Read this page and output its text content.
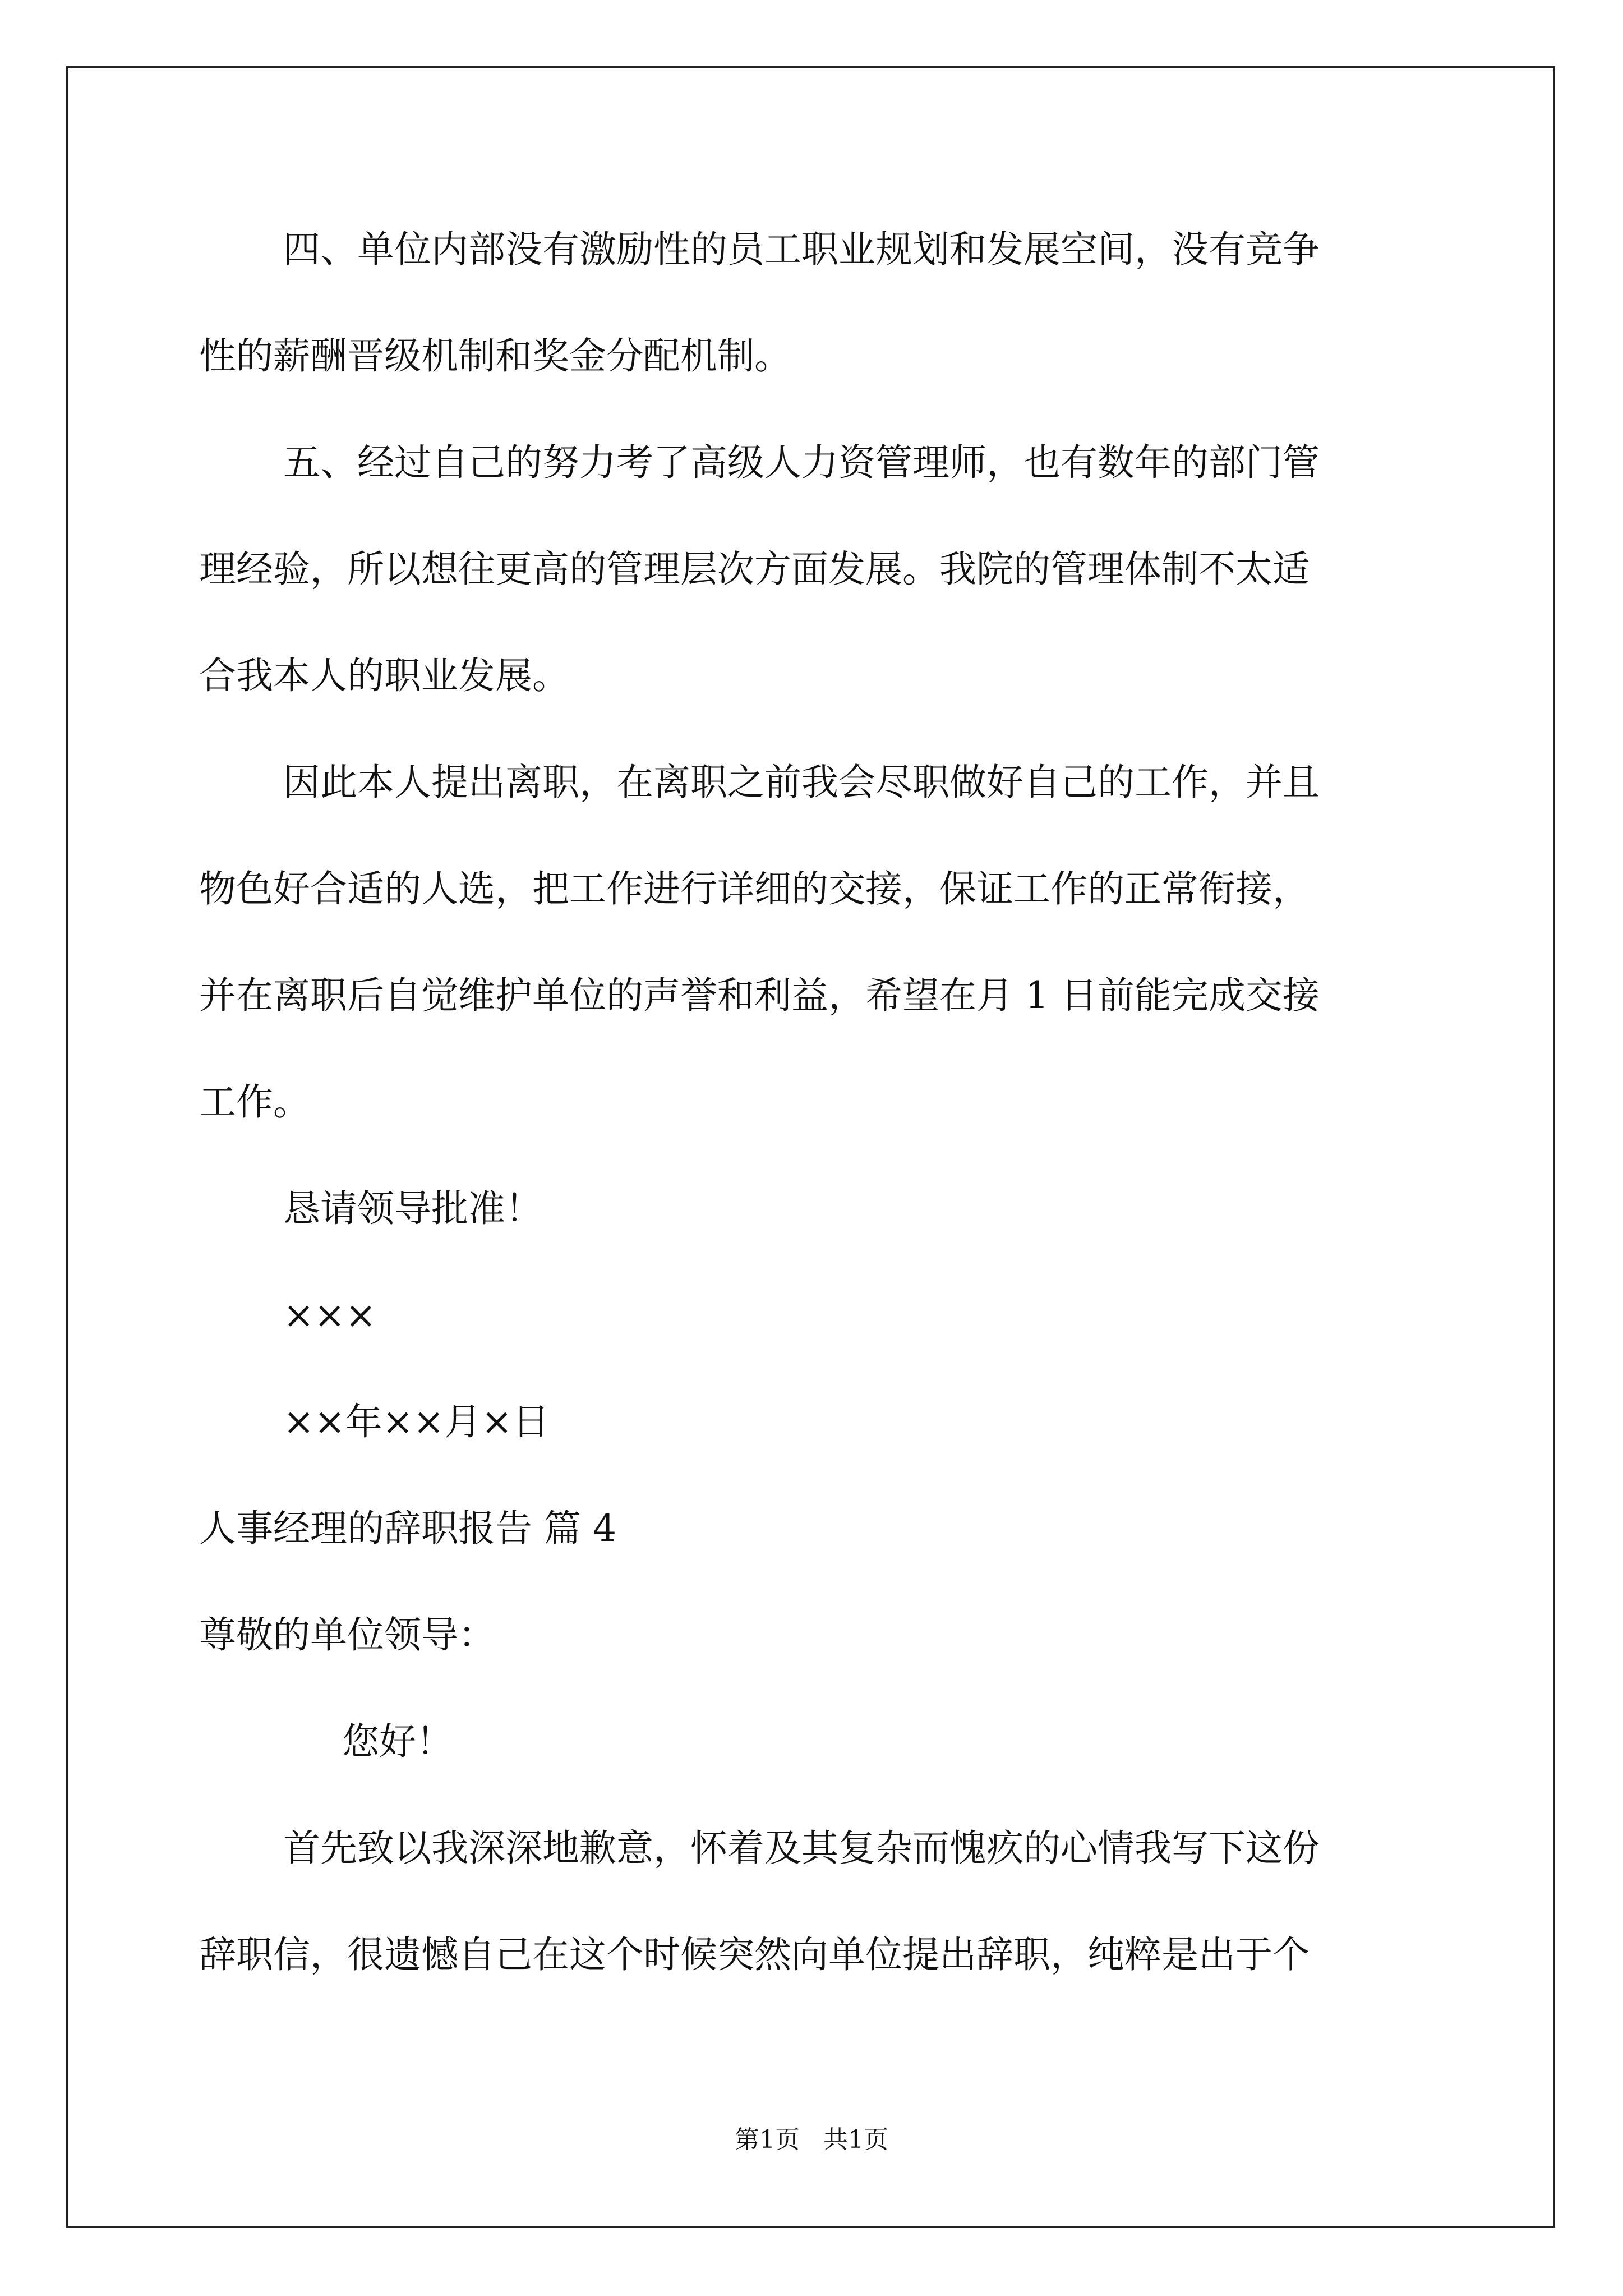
四、单位内部没有激励性的员工职业规划和发展空间，没有竞争
性的薪酬晋级机制和奖金分配机制。
五、经过自己的努力考了高级人力资管理师，也有数年的部门管
理经验，所以想往更高的管理层次方面发展。我院的管理体制不太适
合我本人的职业发展。
因此本人提出离职，在离职之前我会尽职做好自己的工作，并且
物色好合适的人选，把工作进行详细的交接，保证工作的正常衔接，
并在离职后自觉维护单位的声誉和利益，希望在月 1 日前能完成交接
工作。
恳请领导批准！
×××
××年××月×日
人事经理的辞职报告 篇 4
尊敬的单位领导：
您好！
首先致以我深深地歉意，怀着及其复杂而愧疚的心情我写下这份
辞职信，很遗憾自己在这个时候突然向单位提出辞职，纯粹是出于个
第1页   共1页
